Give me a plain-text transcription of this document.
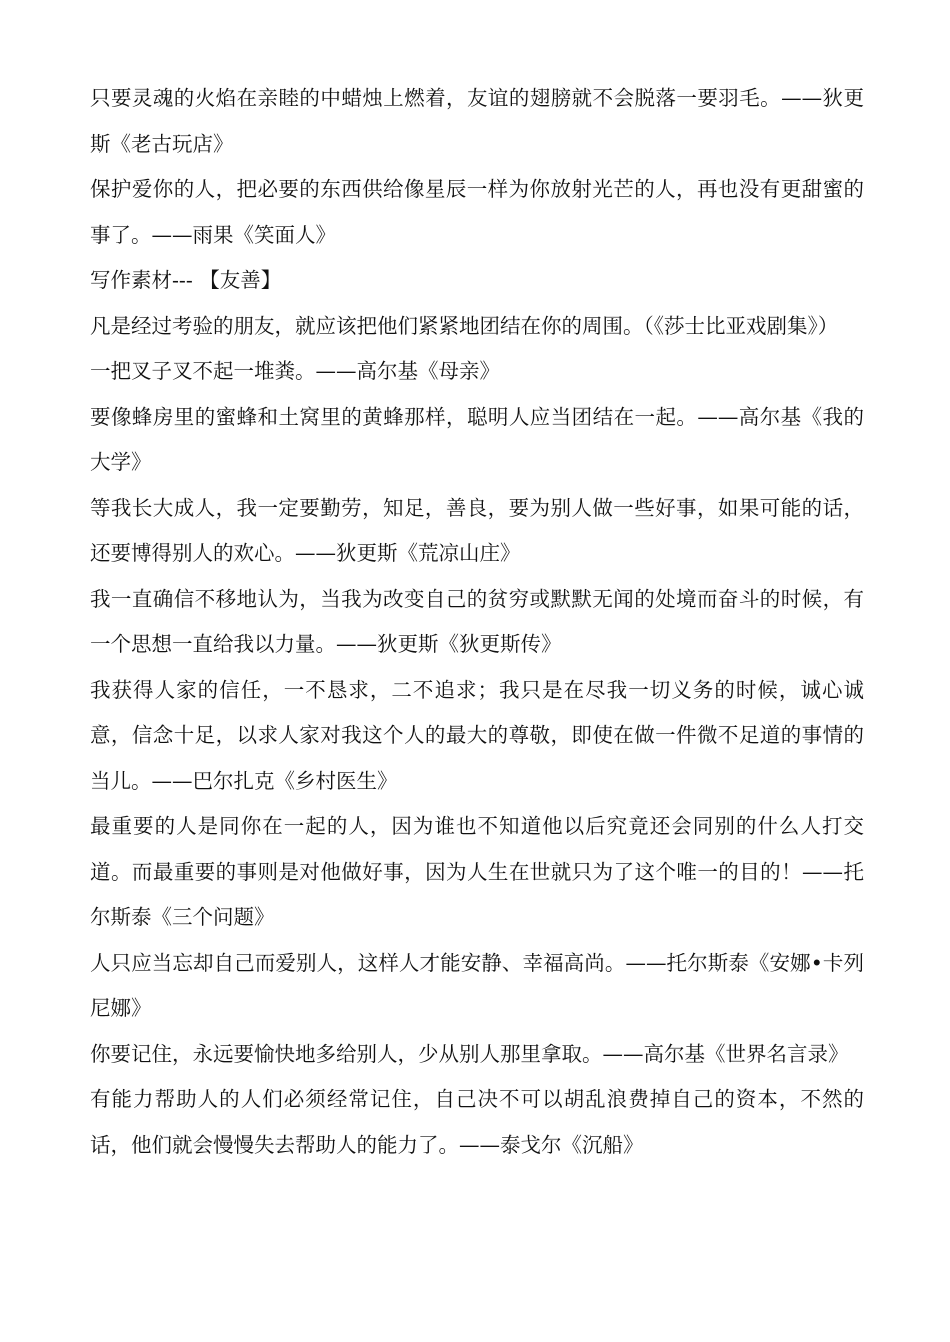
只要灵魂的火焰在亲睦的中蜡烛上燃着，友谊的翅膀就不会脱落一要羽毛。——狄更斯《老古玩店》

保护爱你的人，把必要的东西供给像星辰一样为你放射光芒的人，再也没有更甜蜜的事了。——雨果《笑面人》

写作素材--- 【友善】

凡是经过考验的朋友，就应该把他们紧紧地团结在你的周围。（《莎士比亚戏剧集》）

一把叉子叉不起一堆粪。——高尔基《母亲》

要像蜂房里的蜜蜂和土窝里的黄蜂那样，聪明人应当团结在一起。——高尔基《我的大学》

等我长大成人，我一定要勤劳，知足，善良，要为别人做一些好事，如果可能的话，还要博得别人的欢心。——狄更斯《荒凉山庄》

我一直确信不移地认为，当我为改变自己的贫穷或默默无闻的处境而奋斗的时候，有一个思想一直给我以力量。——狄更斯《狄更斯传》

我获得人家的信任，一不恳求，二不追求；我只是在尽我一切义务的时候，诚心诚意，信念十足，以求人家对我这个人的最大的尊敬，即使在做一件微不足道的事情的当儿。——巴尔扎克《乡村医生》

最重要的人是同你在一起的人，因为谁也不知道他以后究竟还会同别的什么人打交道。而最重要的事则是对他做好事，因为人生在世就只为了这个唯一的目的！——托尔斯泰《三个问题》

人只应当忘却自己而爱别人，这样人才能安静、幸福高尚。——托尔斯泰《安娜•卡列尼娜》

你要记住，永远要愉快地多给别人，少从别人那里拿取。——高尔基《世界名言录》

有能力帮助人的人们必须经常记住，自己决不可以胡乱浪费掉自己的资本，不然的话，他们就会慢慢失去帮助人的能力了。——泰戈尔《沉船》
